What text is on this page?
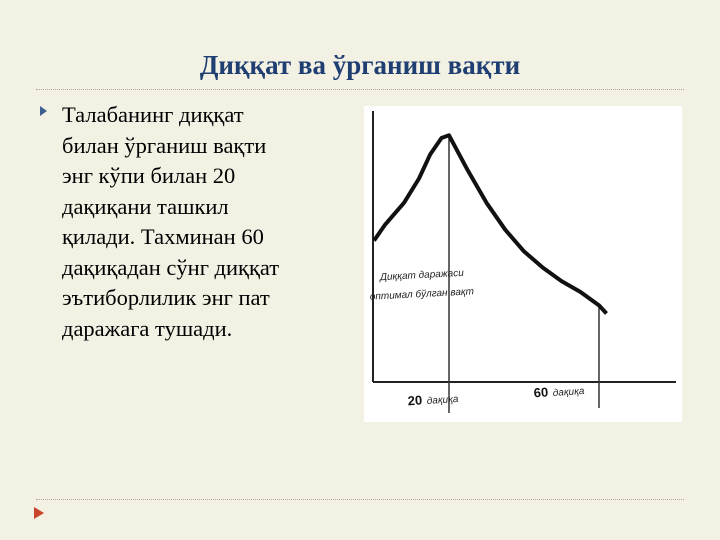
Диққат ва ўрганиш вақти
Талабанинг диққат
билан ўрганиш вақти
энг кўпи билан 20
дақиқани ташкил
қилади. Тахминан 60
дақиқадан сўнг диққат
эътиборлилик энг пат
даражага тушади.
Диққат даражаси
оптимал бўлган вақт
20 дақиқа
60 дақиқа
